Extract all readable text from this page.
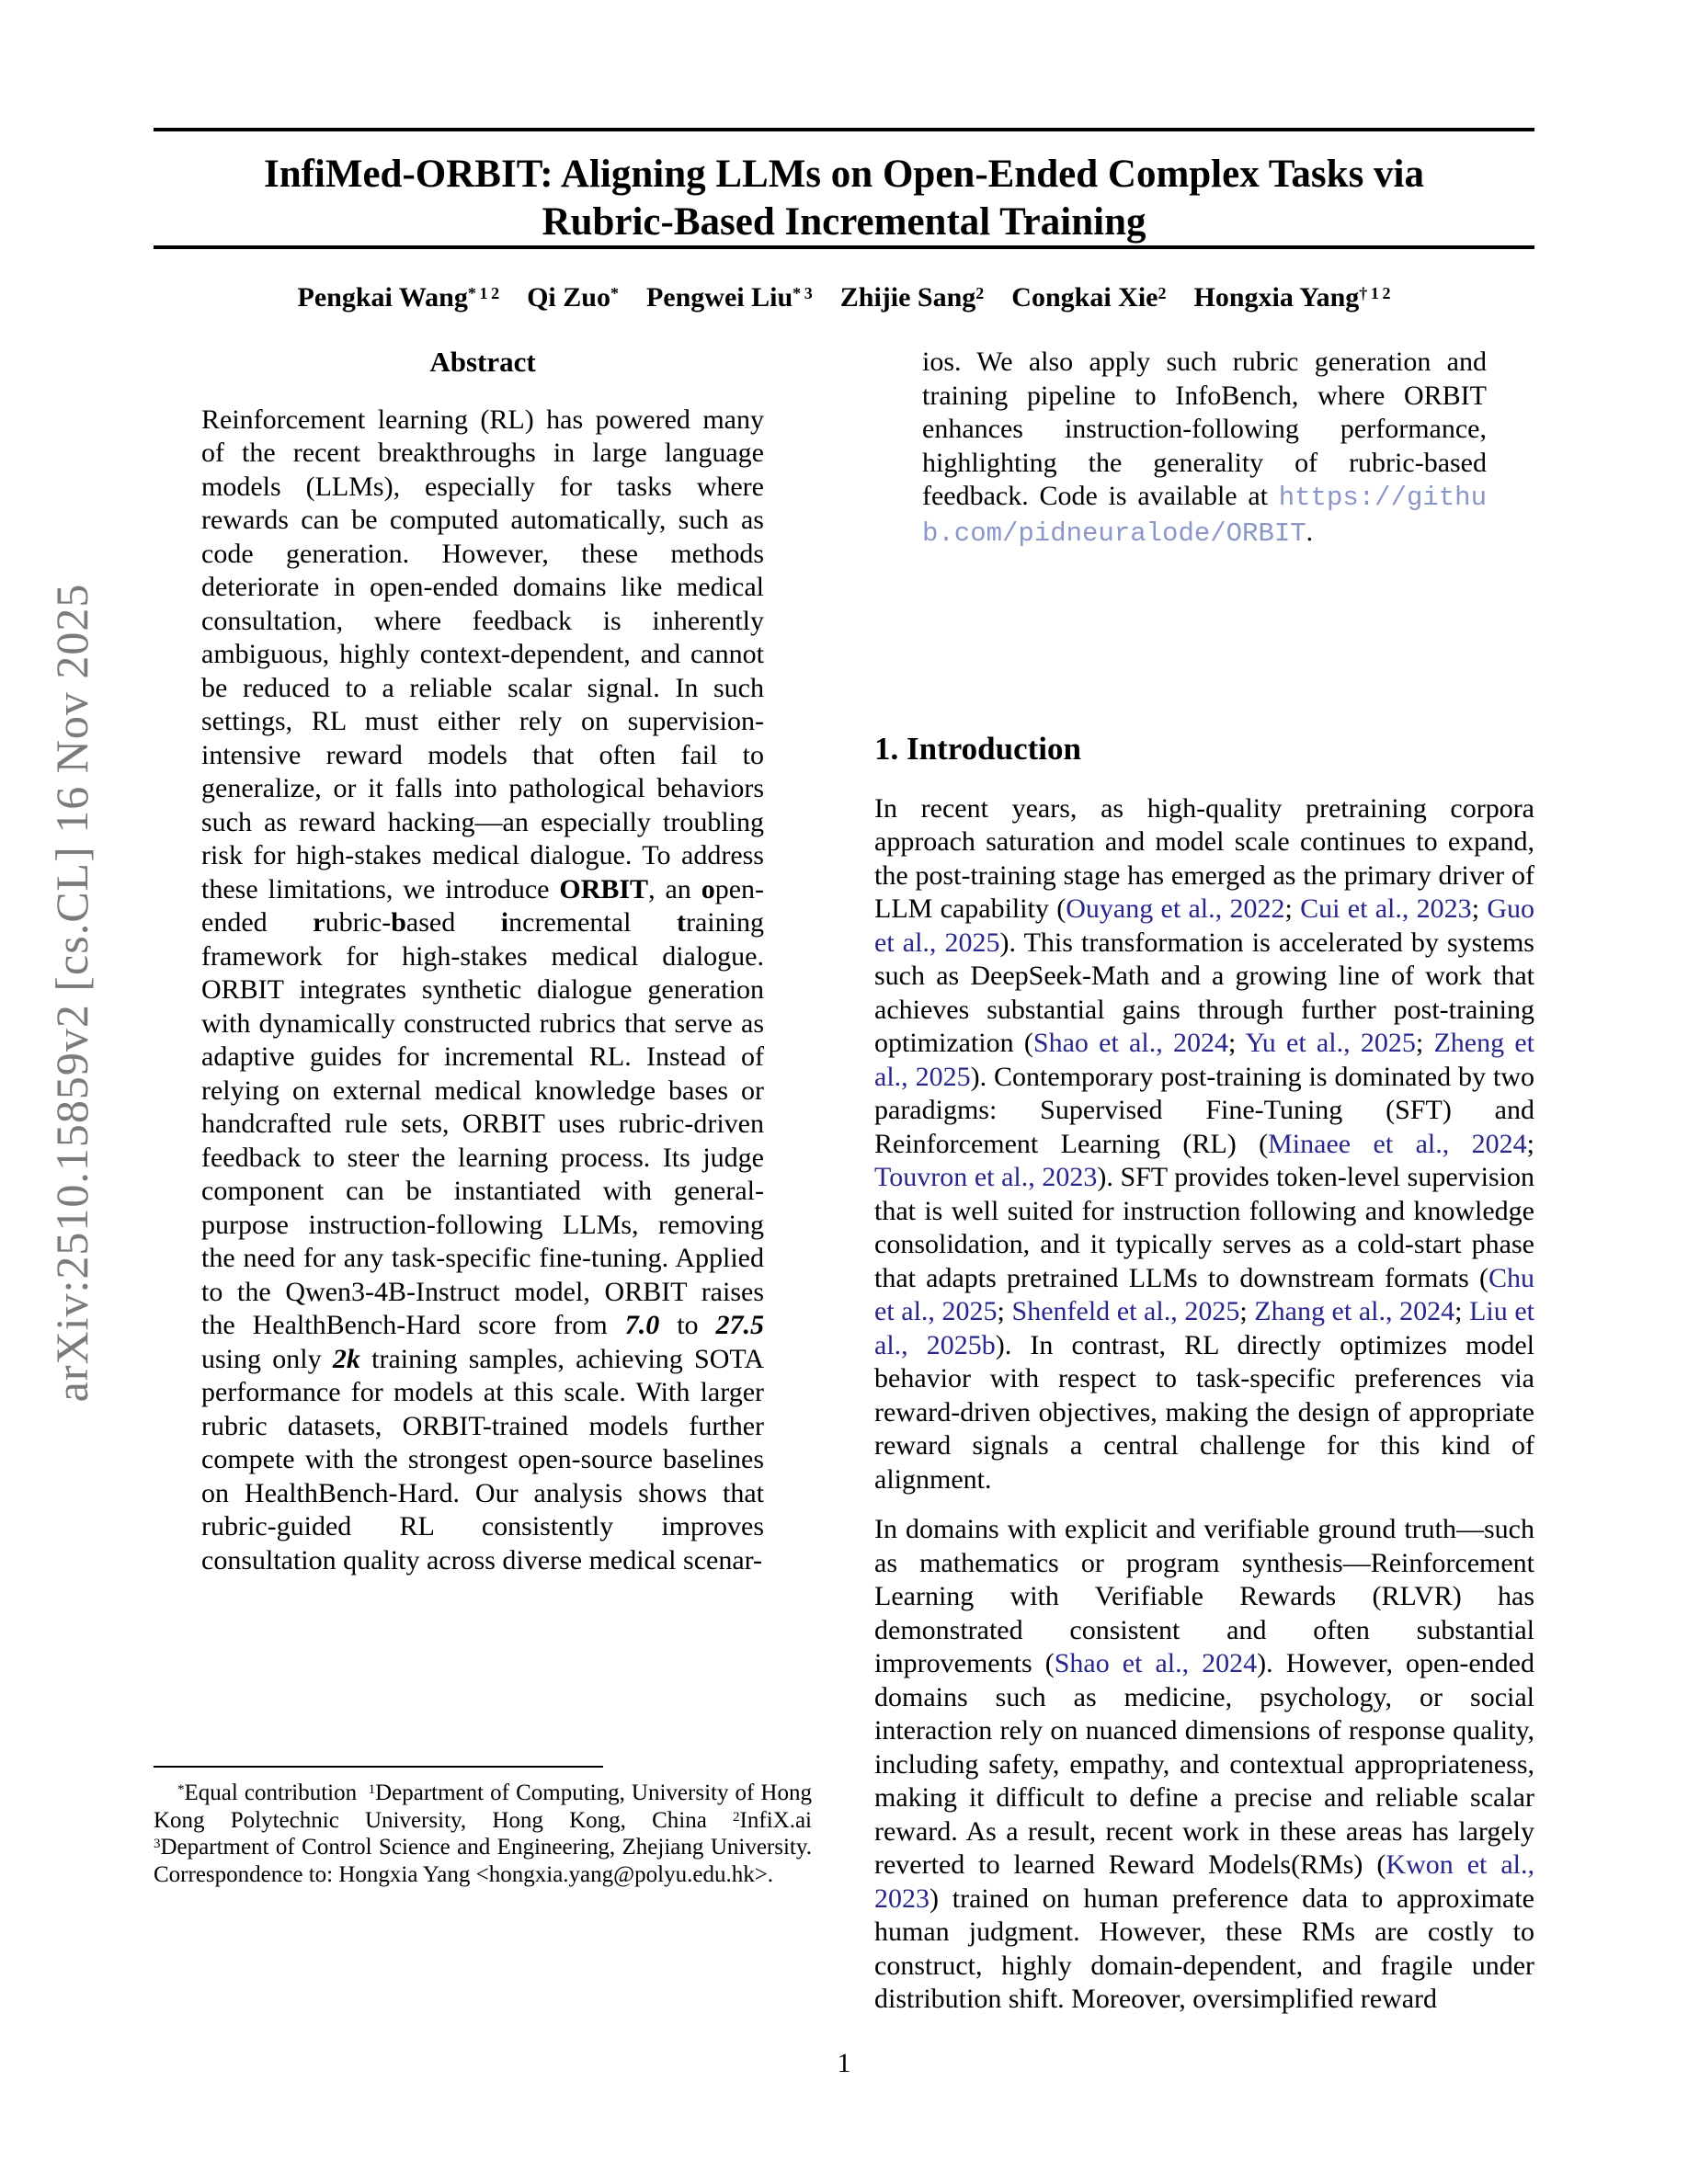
arXiv:2510.15859v2 [cs.CL] 16 Nov 2025
InfiMed-ORBIT: Aligning LLMs on Open-Ended Complex Tasks via
Rubric-Based Incremental Training
Pengkai Wang$^{* 1 2}$   Qi Zuo*   Pengwei Liu$^{* 3}$   Zhijie Sang$^2$   Congkai Xie$^2$   Hongxia Yang$^{\dagger 1 2}$
Abstract

Reinforcement learning (RL) has powered many of the recent breakthroughs in large language models (LLMs), especially for tasks where rewards can be computed automatically, such as code generation. However, these methods deteriorate in open-ended domains like medical consultation, where feedback is inherently ambiguous, highly context-dependent, and cannot be reduced to a reliable scalar signal. In such settings, RL must either rely on supervision-intensive reward models that often fail to generalize, or it falls into pathological behaviors such as reward hacking—an especially troubling risk for high-stakes medical dialogue. To address these limitations, we introduce ORBIT, an open-ended rubric-based incremental training framework for high-stakes medical dialogue. ORBIT integrates synthetic dialogue generation with dynamically constructed rubrics that serve as adaptive guides for incremental RL. Instead of relying on external medical knowledge bases or handcrafted rule sets, ORBIT uses rubric-driven feedback to steer the learning process. Its judge component can be instantiated with general-purpose instruction-following LLMs, removing the need for any task-specific fine-tuning. Applied to the Qwen3-4B-Instruct model, ORBIT raises the HealthBench-Hard score from 7.0 to 27.5 using only 2k training samples, achieving SOTA performance for models at this scale. With larger rubric datasets, ORBIT-trained models further compete with the strongest open-source baselines on HealthBench-Hard. Our analysis shows that rubric-guided RL consistently improves consultation quality across diverse medical scenar-

*Equal contribution $^1$Department of Computing, University of Hong Kong Polytechnic University, Hong Kong, China $^2$InfiX.ai $^3$Department of Control Science and Engineering, Zhejiang University. Correspondence to: Hongxia Yang <hongxia.yang@polyu.edu.hk>.

ios. We also apply such rubric generation and training pipeline to InfoBench, where ORBIT enhances instruction-following performance, highlighting the generality of rubric-based feedback. Code is available at https://github.com/pidneuralode/ORBIT.

1. Introduction

In recent years, as high-quality pretraining corpora approach saturation and model scale continues to expand, the post-training stage has emerged as the primary driver of LLM capability (Ouyang et al., 2022; Cui et al., 2023; Guo et al., 2025). This transformation is accelerated by systems such as DeepSeek-Math and a growing line of work that achieves substantial gains through further post-training optimization (Shao et al., 2024; Yu et al., 2025; Zheng et al., 2025). Contemporary post-training is dominated by two paradigms: Supervised Fine-Tuning (SFT) and Reinforcement Learning (RL) (Minaee et al., 2024; Touvron et al., 2023). SFT provides token-level supervision that is well suited for instruction following and knowledge consolidation, and it typically serves as a cold-start phase that adapts pretrained LLMs to downstream formats (Chu et al., 2025; Shenfeld et al., 2025; Zhang et al., 2024; Liu et al., 2025b). In contrast, RL directly optimizes model behavior with respect to task-specific preferences via reward-driven objectives, making the design of appropriate reward signals a central challenge for this kind of alignment.

In domains with explicit and verifiable ground truth—such as mathematics or program synthesis—Reinforcement Learning with Verifiable Rewards (RLVR) has demonstrated consistent and often substantial improvements (Shao et al., 2024). However, open-ended domains such as medicine, psychology, or social interaction rely on nuanced dimensions of response quality, including safety, empathy, and contextual appropriateness, making it difficult to define a precise and reliable scalar reward. As a result, recent work in these areas has largely reverted to learned Reward Models(RMs) (Kwon et al., 2023) trained on human preference data to approximate human judgment. However, these RMs are costly to construct, highly domain-dependent, and fragile under distribution shift. Moreover, oversimplified reward

1
